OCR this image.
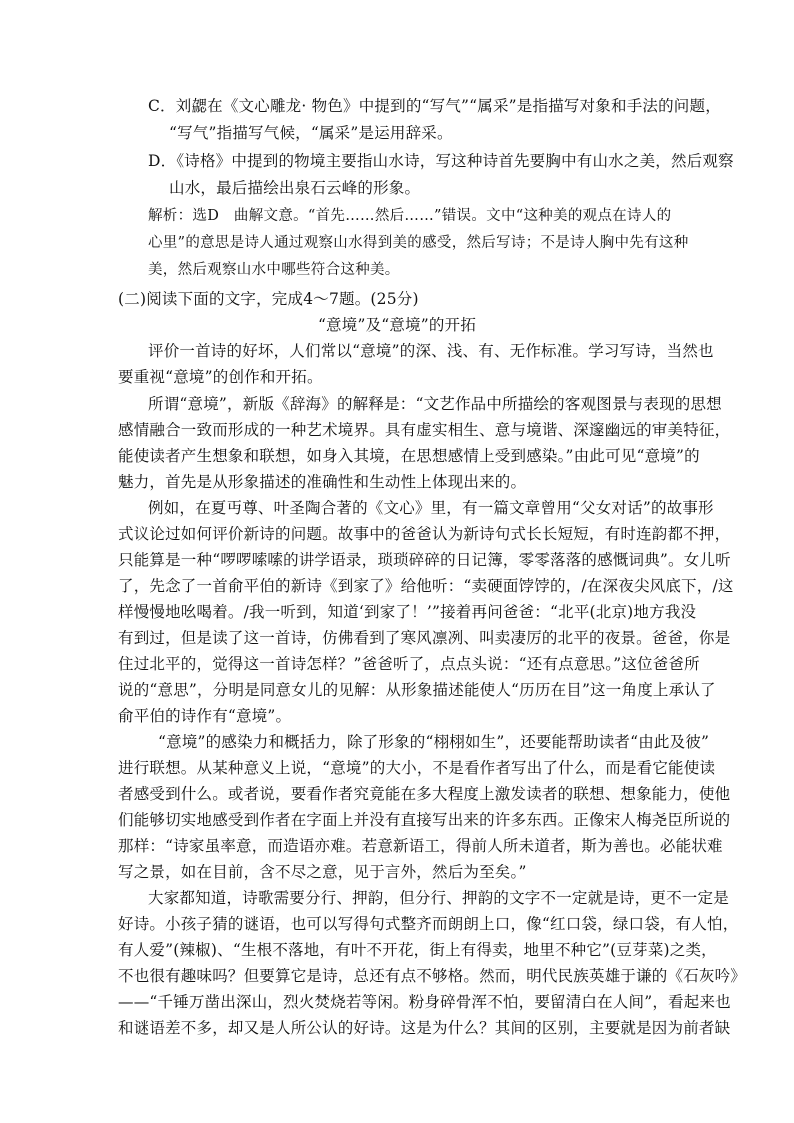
C．刘勰在《文心雕龙· 物色》中提到的“写气”“属采”是指描写对象和手法的问题，
“写气”指描写气候，“属采”是运用辞采。
D．《诗格》中提到的物境主要指山水诗，写这种诗首先要胸中有山水之美，然后观察
山水，最后描绘出泉石云峰的形象。
解析：选D　曲解文意。“首先……然后……”错误。文中“这种美的观点在诗人的
心里”的意思是诗人通过观察山水得到美的感受，然后写诗；不是诗人胸中先有这种
美，然后观察山水中哪些符合这种美。
(二)阅读下面的文字，完成4～7题。(25分)
“意境”及“意境”的开拓
评价一首诗的好坏，人们常以“意境”的深、浅、有、无作标准。学习写诗，当然也
要重视“意境”的创作和开拓。
所谓“意境”，新版《辞海》的解释是：“文艺作品中所描绘的客观图景与表现的思想
感情融合一致而形成的一种艺术境界。具有虚实相生、意与境谐、深邃幽远的审美特征，
能使读者产生想象和联想，如身入其境，在思想感情上受到感染。”由此可见“意境”的
魅力，首先是从形象描述的准确性和生动性上体现出来的。
例如，在夏丏尊、叶圣陶合著的《文心》里，有一篇文章曾用“父女对话”的故事形
式议论过如何评价新诗的问题。故事中的爸爸认为新诗句式长长短短，有时连韵都不押，
只能算是一种“啰啰嗦嗦的讲学语录，琐琐碎碎的日记簿，零零落落的感慨词典”。女儿听
了，先念了一首俞平伯的新诗《到家了》给他听：“卖硬面饽饽的，/在深夜尖风底下，/这
样慢慢地吆喝着。/我一听到，知道‘到家了！’”接着再问爸爸：“北平(北京)地方我没
有到过，但是读了这一首诗，仿佛看到了寒风凛冽、叫卖凄厉的北平的夜景。爸爸，你是
住过北平的，觉得这一首诗怎样？”爸爸听了，点点头说：“还有点意思。”这位爸爸所
说的“意思”，分明是同意女儿的见解：从形象描述能使人“历历在目”这一角度上承认了
俞平伯的诗作有“意境”。
“意境”的感染力和概括力，除了形象的“栩栩如生”，还要能帮助读者“由此及彼”
进行联想。从某种意义上说，“意境”的大小，不是看作者写出了什么，而是看它能使读
者感受到什么。或者说，要看作者究竟能在多大程度上激发读者的联想、想象能力，使他
们能够切实地感受到作者在字面上并没有直接写出来的许多东西。正像宋人梅尧臣所说的
那样：“诗家虽率意，而造语亦难。若意新语工，得前人所未道者，斯为善也。必能状难
写之景，如在目前，含不尽之意，见于言外，然后为至矣。”
大家都知道，诗歌需要分行、押韵，但分行、押韵的文字不一定就是诗，更不一定是
好诗。小孩子猜的谜语，也可以写得句式整齐而朗朗上口，像“红口袋，绿口袋，有人怕，
有人爱”(辣椒)、“生根不落地，有叶不开花，街上有得卖，地里不种它”(豆芽菜)之类，
不也很有趣味吗？但要算它是诗，总还有点不够格。然而，明代民族英雄于谦的《石灰吟》
——“千锤万凿出深山，烈火焚烧若等闲。粉身碎骨浑不怕，要留清白在人间”，看起来也
和谜语差不多，却又是人所公认的好诗。这是为什么？其间的区别，主要就是因为前者缺
